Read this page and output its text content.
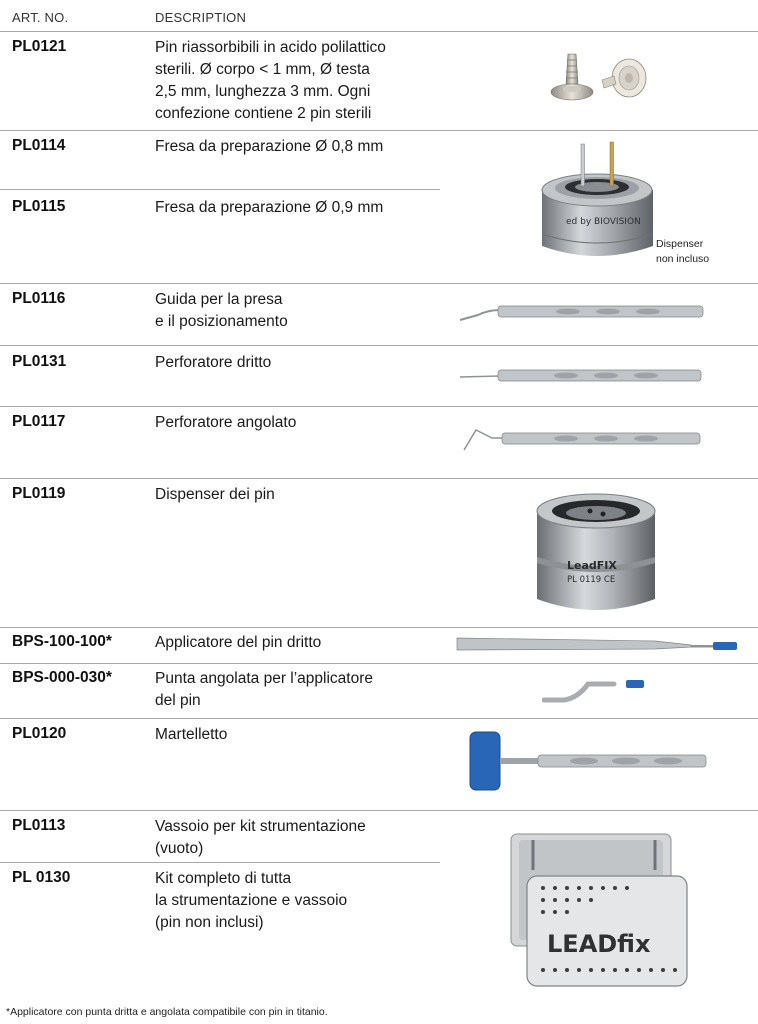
ART. NO.	DESCRIPTION
PL0121	Pin riassorbibili in acido polilattico
sterili. Ø corpo < 1 mm, Ø testa
2,5 mm, lunghezza 3 mm. Ogni
confezione contiene 2 pin sterili
PL0114	Fresa da preparazione Ø 0,8 mm
PL0115	Fresa da preparazione Ø 0,9 mm
PL0116	Guida per la presa
e il posizionamento
PL0131	Perforatore dritto
PL0117	Perforatore angolato
PL0119	Dispenser dei pin
BPS-100-100*	Applicatore del pin dritto
BPS-000-030*	Punta angolata per l’applicatore
del pin
PL0120	Martelletto
PL0113	Vassoio per kit strumentazione
(vuoto)
PL 0130	Kit completo di tutta
la strumentazione e vassoio
(pin non inclusi)
ed by BIOVISION
Dispenser
non incluso
LeadFIX
PL 0119 CE
LEADfix
*Applicatore con punta dritta e angolata compatibile con pin in titanio.
